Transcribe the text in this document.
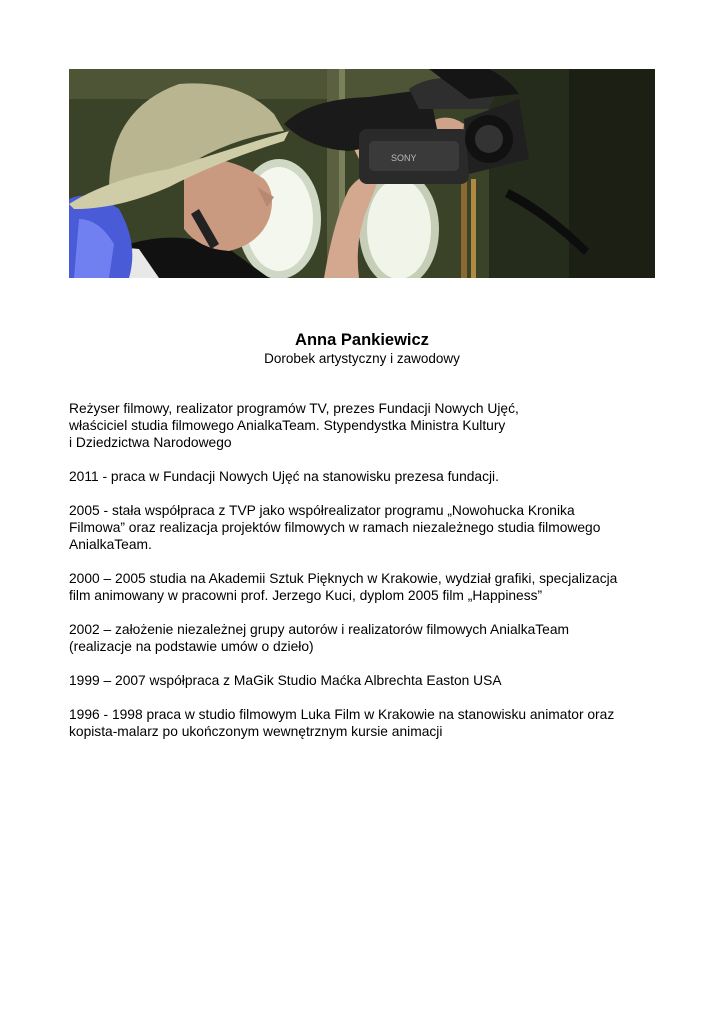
SONY
Anna Pankiewicz
Dorobek artystyczny i zawodowy

Reżyser filmowy, realizator programów TV, prezes Fundacji Nowych Ujęć,
właściciel studia filmowego AnialkaTeam. Stypendystka Ministra Kultury
i Dziedzictwa Narodowego

2011 - praca w Fundacji Nowych Ujęć na stanowisku prezesa fundacji.

2005 - stała współpraca z TVP jako współrealizator programu „Nowohucka Kronika
Filmowa” oraz realizacja projektów filmowych w ramach niezależnego studia filmowego
AnialkaTeam.

2000 – 2005 studia na Akademii Sztuk Pięknych w Krakowie, wydział grafiki, specjalizacja
film animowany w pracowni prof. Jerzego Kuci, dyplom 2005 film „Happiness”

2002 – założenie niezależnej grupy autorów i realizatorów filmowych AnialkaTeam
(realizacje na podstawie umów o dzieło)

1999 – 2007 współpraca z MaGik Studio Maćka Albrechta Easton USA

1996 - 1998 praca w studio filmowym Luka Film w Krakowie na stanowisku animator oraz
kopista-malarz po ukończonym wewnętrznym kursie animacji
